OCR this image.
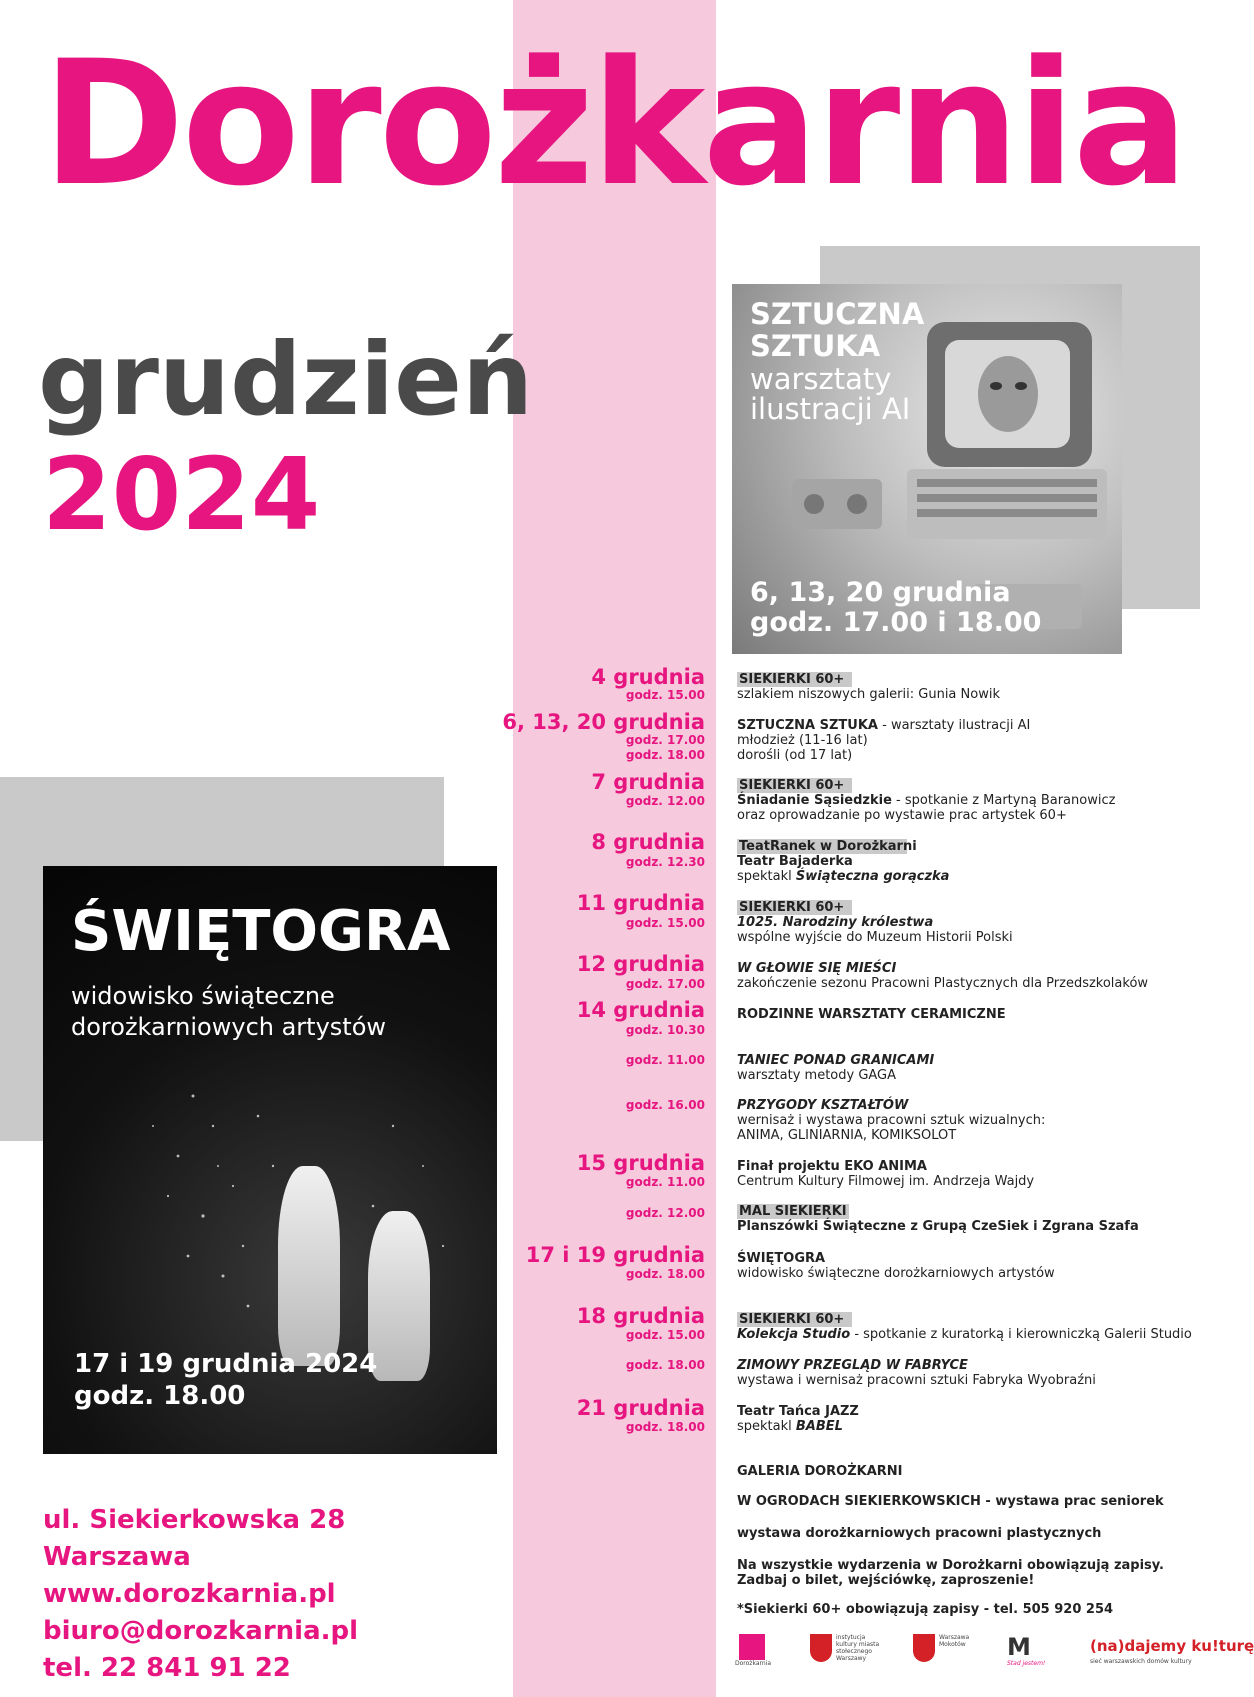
Dorożkarnia
grudzień
2024
SZTUCZNA
SZTUKA
warsztaty
ilustracji AI
6, 13, 20 grudnia
godz. 17.00 i 18.00
ŚWIĘTOGRA
widowisko świąteczne
dorożkarniowych artystów
17 i 19 grudnia 2024
godz. 18.00
ul. Siekierkowska 28
Warszawa
www.dorozkarnia.pl
biuro@dorozkarnia.pl
tel. 22 841 91 22
4 grudnia
godz. 15.00
SIEKIERKI 60+
szlakiem niszowych galerii: Gunia Nowik
6, 13, 20 grudnia
godz. 17.00
godz. 18.00
SZTUCZNA SZTUKA - warsztaty ilustracji AI
młodzież (11-16 lat)
dorośli (od 17 lat)
7 grudnia
godz. 12.00
SIEKIERKI 60+
Śniadanie Sąsiedzkie - spotkanie z Martyną Baranowicz
oraz oprowadzanie po wystawie prac artystek 60+
8 grudnia
godz. 12.30
TeatRanek w Dorożkarni
Teatr Bajaderka
spektakl Świąteczna gorączka
11 grudnia
godz. 15.00
SIEKIERKI 60+
1025. Narodziny królestwa
wspólne wyjście do Muzeum Historii Polski
12 grudnia
godz. 17.00
W GŁOWIE SIĘ MIEŚCI
zakończenie sezonu Pracowni Plastycznych dla Przedszkolaków
14 grudnia
godz. 10.30
RODZINNE WARSZTATY CERAMICZNE
godz. 11.00 TANIEC PONAD GRANICAMI
warsztaty metody GAGA
godz. 16.00 PRZYGODY KSZTAŁTÓW
wernisaż i wystawa pracowni sztuk wizualnych:
ANIMA, GLINIARNIA, KOMIKSOLOT
15 grudnia
godz. 11.00
Finał projektu EKO ANIMA
Centrum Kultury Filmowej im. Andrzeja Wajdy
godz. 12.00	MAL SIEKIERKI
Planszówki Świąteczne z Grupą CzeSiek i Zgrana Szafa
17 i 19 grudnia
godz. 18.00
ŚWIĘTOGRA
widowisko świąteczne dorożkarniowych artystów
18 grudnia
godz. 15.00
SIEKIERKI 60+
Kolekcja Studio - spotkanie z kuratorką i kierowniczką Galerii Studio
godz. 18.00 ZIMOWY PRZEGLĄD W FABRYCE
wystawa i wernisaż pracowni sztuki Fabryka Wyobraźni
21 grudnia
godz. 18.00
Teatr Tańca JAZZ
spektakl BABEL
GALERIA DOROŻKARNI
W OGRODACH SIEKIERKOWSKICH - wystawa prac seniorek
wystawa dorożkarniowych pracowni plastycznych
Na wszystkie wydarzenia w Dorożkarni obowiązują zapisy.
Zadbaj o bilet, wejściówkę, zaproszenie!
*Siekierki 60+ obowiązują zapisy - tel. 505 920 254
Dorożkarnia
instytucja kultury miasta stołecznego Warszawy
Warszawa Mokotów	M
Stad jestem!
(na)dajemy ku!turę
sieć warszawskich domów kultury
